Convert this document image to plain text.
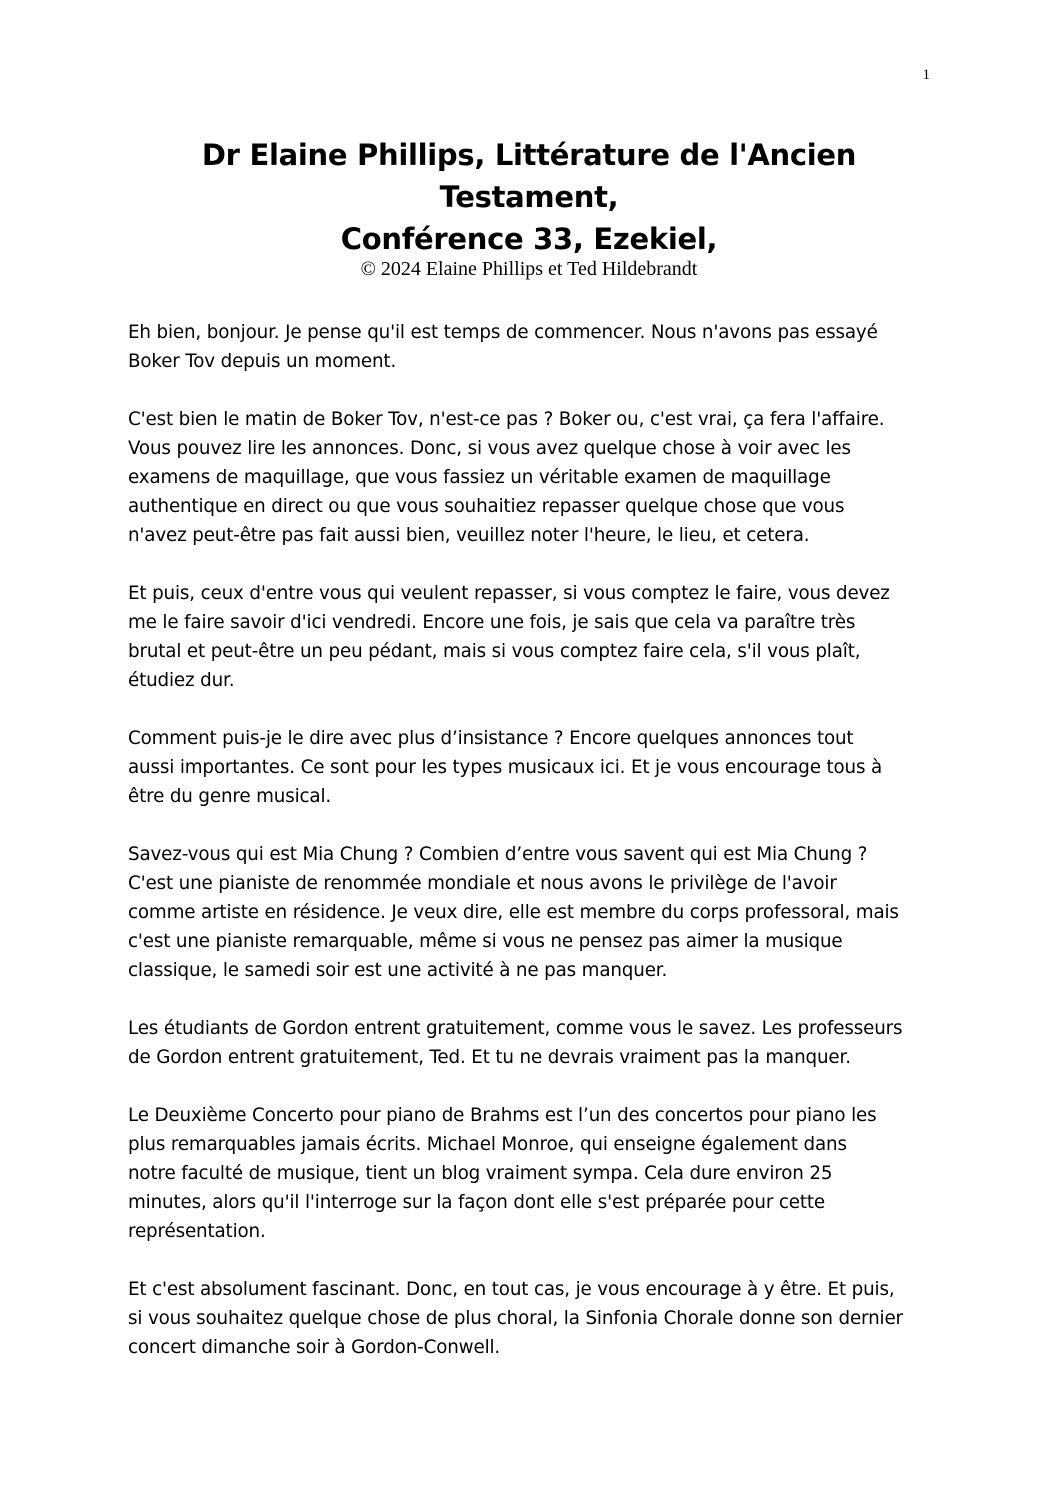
1
Dr Elaine Phillips, Littérature de l'Ancien
Testament,
Conférence 33, Ezekiel,
© 2024 Elaine Phillips et Ted Hildebrandt

Eh bien, bonjour. Je pense qu'il est temps de commencer. Nous n'avons pas essayé
Boker Tov depuis un moment.

C'est bien le matin de Boker Tov, n'est-ce pas ? Boker ou, c'est vrai, ça fera l'affaire.
Vous pouvez lire les annonces. Donc, si vous avez quelque chose à voir avec les
examens de maquillage, que vous fassiez un véritable examen de maquillage
authentique en direct ou que vous souhaitiez repasser quelque chose que vous
n'avez peut-être pas fait aussi bien, veuillez noter l'heure, le lieu, et cetera.

Et puis, ceux d'entre vous qui veulent repasser, si vous comptez le faire, vous devez
me le faire savoir d'ici vendredi. Encore une fois, je sais que cela va paraître très
brutal et peut-être un peu pédant, mais si vous comptez faire cela, s'il vous plaît,
étudiez dur.

Comment puis-je le dire avec plus d’insistance ? Encore quelques annonces tout
aussi importantes. Ce sont pour les types musicaux ici. Et je vous encourage tous à
être du genre musical.

Savez-vous qui est Mia Chung ? Combien d’entre vous savent qui est Mia Chung ?
C'est une pianiste de renommée mondiale et nous avons le privilège de l'avoir
comme artiste en résidence. Je veux dire, elle est membre du corps professoral, mais
c'est une pianiste remarquable, même si vous ne pensez pas aimer la musique
classique, le samedi soir est une activité à ne pas manquer.

Les étudiants de Gordon entrent gratuitement, comme vous le savez. Les professeurs
de Gordon entrent gratuitement, Ted. Et tu ne devrais vraiment pas la manquer.

Le Deuxième Concerto pour piano de Brahms est l’un des concertos pour piano les
plus remarquables jamais écrits. Michael Monroe, qui enseigne également dans
notre faculté de musique, tient un blog vraiment sympa. Cela dure environ 25
minutes, alors qu'il l'interroge sur la façon dont elle s'est préparée pour cette
représentation.

Et c'est absolument fascinant. Donc, en tout cas, je vous encourage à y être. Et puis,
si vous souhaitez quelque chose de plus choral, la Sinfonia Chorale donne son dernier
concert dimanche soir à Gordon-Conwell.
